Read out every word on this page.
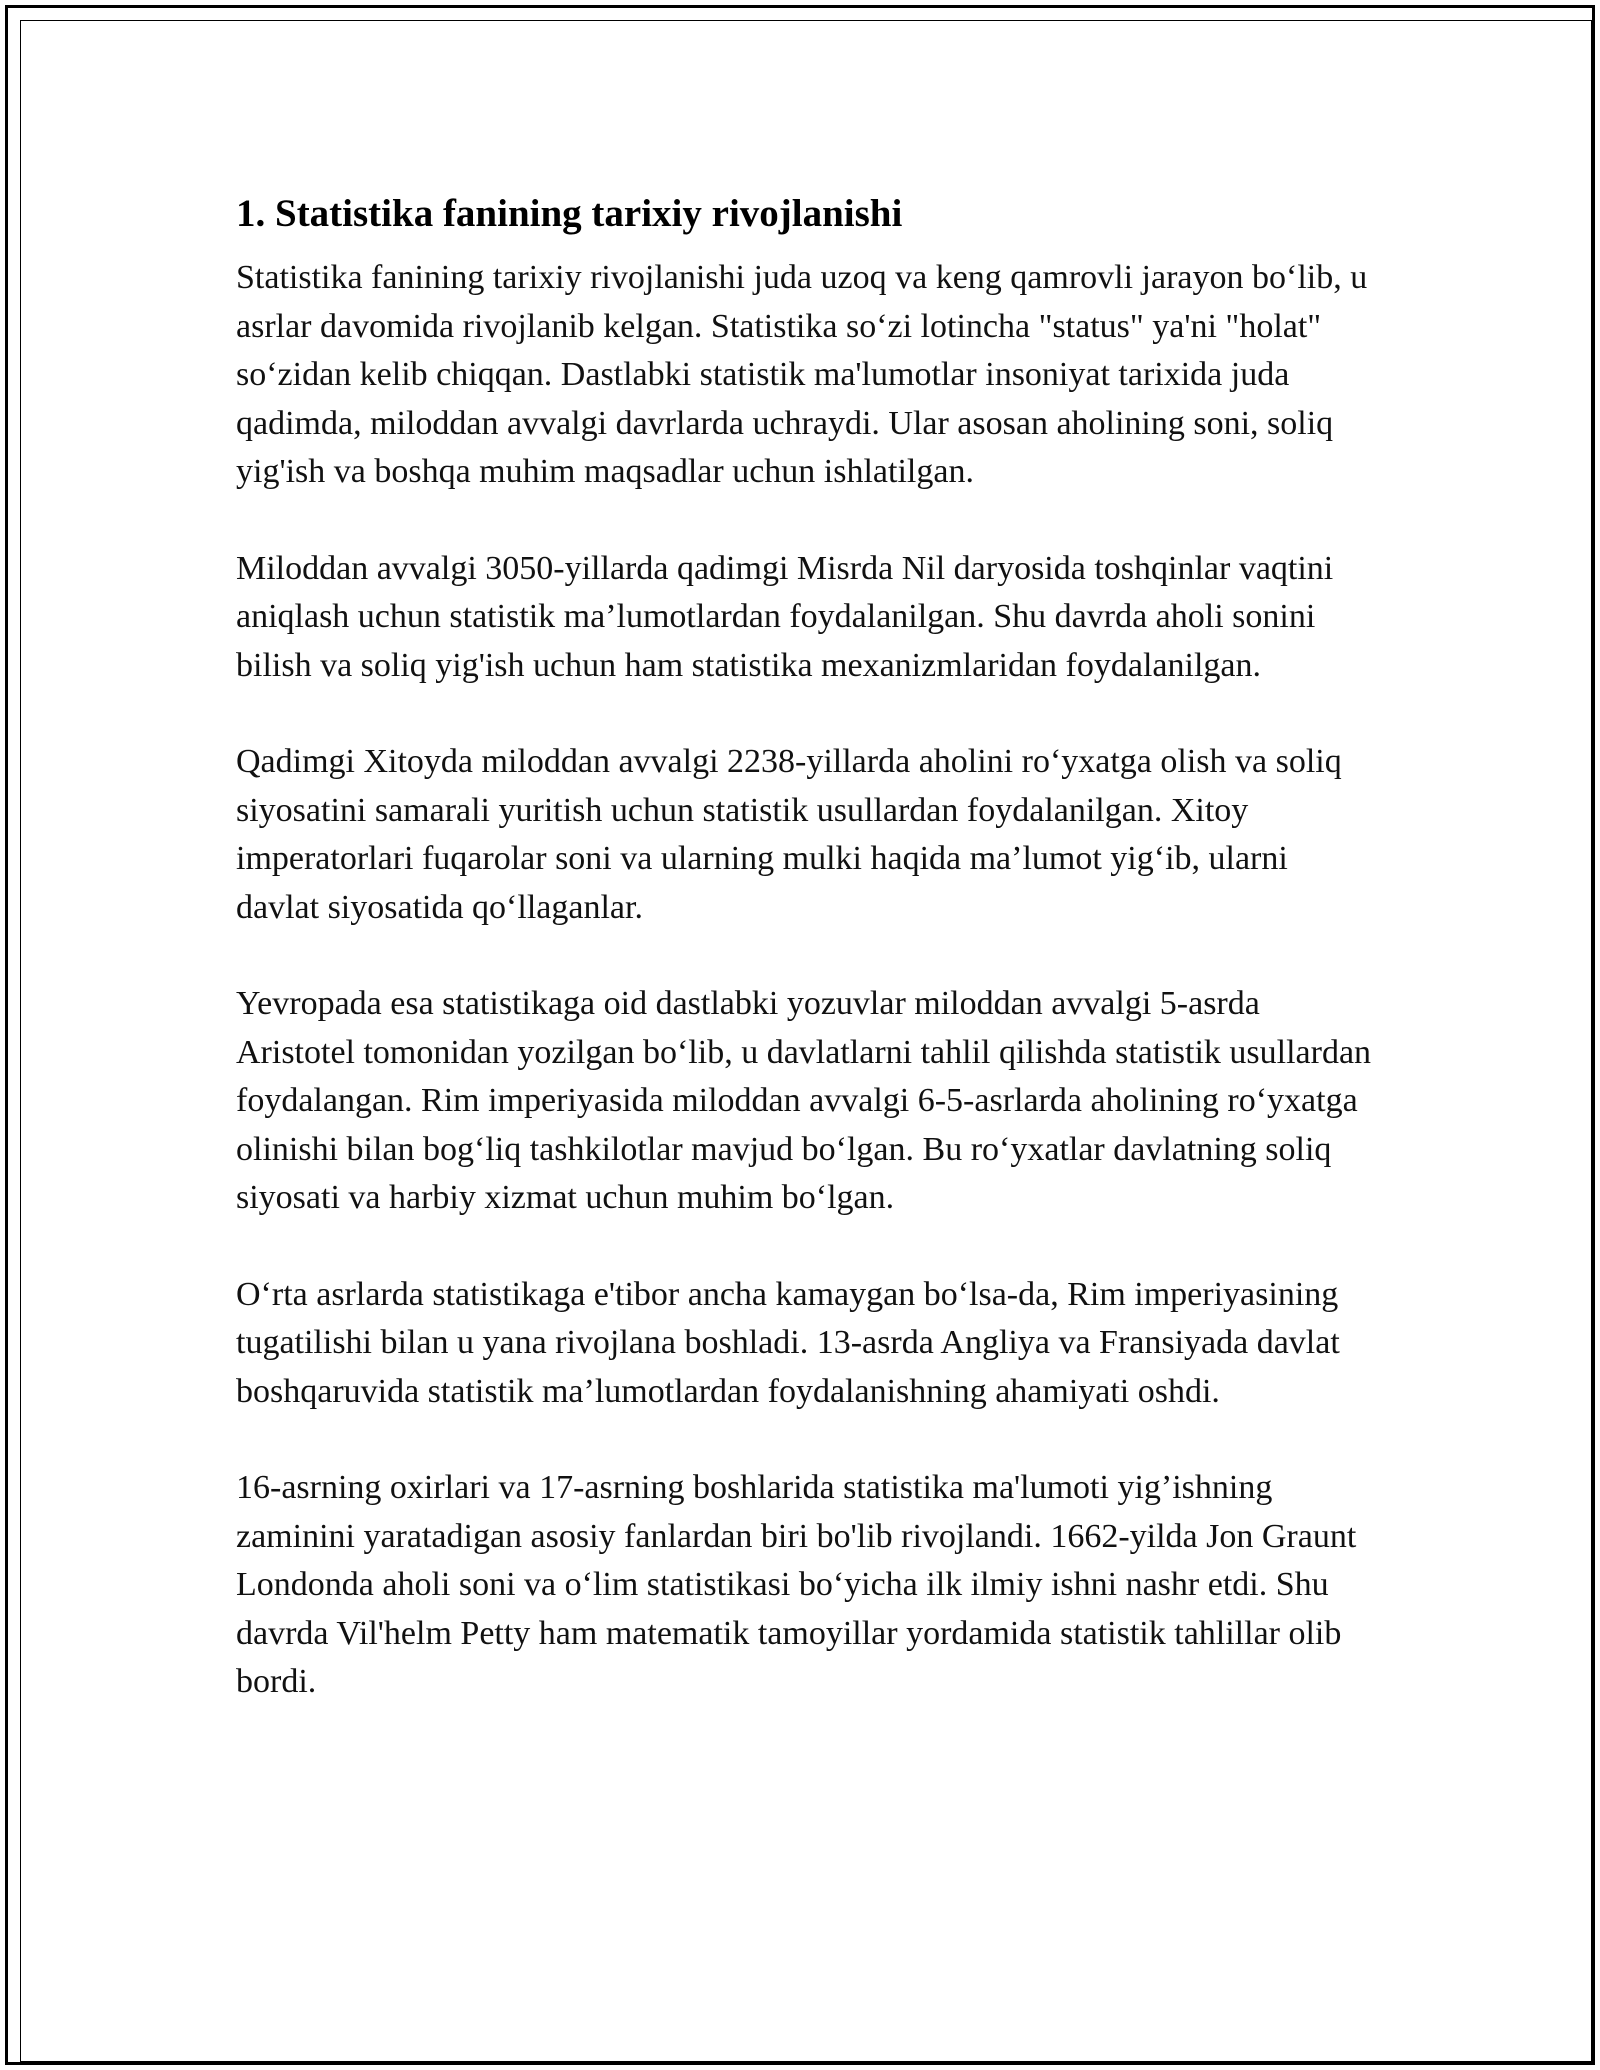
1. Statistika fanining tarixiy rivojlanishi

Statistika fanining tarixiy rivojlanishi juda uzoq va keng qamrovli jarayon bo‘lib, u asrlar davomida rivojlanib kelgan. Statistika so‘zi lotincha "status" ya'ni "holat" so‘zidan kelib chiqqan. Dastlabki statistik ma'lumotlar insoniyat tarixida juda qadimda, miloddan avvalgi davrlarda uchraydi. Ular asosan aholining soni, soliq yig'ish va boshqa muhim maqsadlar uchun ishlatilgan.

Miloddan avvalgi 3050-yillarda qadimgi Misrda Nil daryosida toshqinlar vaqtini aniqlash uchun statistik ma’lumotlardan foydalanilgan. Shu davrda aholi sonini bilish va soliq yig'ish uchun ham statistika mexanizmlaridan foydalanilgan.

Qadimgi Xitoyda miloddan avvalgi 2238-yillarda aholini ro‘yxatga olish va soliq siyosatini samarali yuritish uchun statistik usullardan foydalanilgan. Xitoy imperatorlari fuqarolar soni va ularning mulki haqida ma’lumot yig‘ib, ularni davlat siyosatida qo‘llaganlar.

Yevropada esa statistikaga oid dastlabki yozuvlar miloddan avvalgi 5-asrda Aristotel tomonidan yozilgan bo‘lib, u davlatlarni tahlil qilishda statistik usullardan foydalangan. Rim imperiyasida miloddan avvalgi 6-5-asrlarda aholining ro‘yxatga olinishi bilan bog‘liq tashkilotlar mavjud bo‘lgan. Bu ro‘yxatlar davlatning soliq siyosati va harbiy xizmat uchun muhim bo‘lgan.

O‘rta asrlarda statistikaga e'tibor ancha kamaygan bo‘lsa-da, Rim imperiyasining tugatilishi bilan u yana rivojlana boshladi. 13-asrda Angliya va Fransiyada davlat boshqaruvida statistik ma’lumotlardan foydalanishning ahamiyati oshdi.

16-asrning oxirlari va 17-asrning boshlarida statistika ma'lumoti yig’ishning zaminini yaratadigan asosiy fanlardan biri bo'lib rivojlandi. 1662-yilda Jon Graunt Londonda aholi soni va o‘lim statistikasi bo‘yicha ilk ilmiy ishni nashr etdi. Shu davrda Vil'helm Petty ham matematik tamoyillar yordamida statistik tahlillar olib bordi.
